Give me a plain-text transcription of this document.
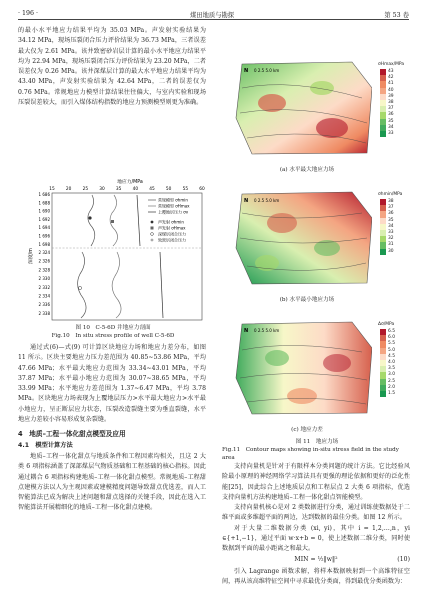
· 196 ·	煤田地质与勘探	第 53 卷

的最小水平地应力结果平均为 35.03 MPa。声发射实验结果为 34.12 MPa，现场压裂闭合压力评价结果为 36.73 MPa，三者误差最大仅为 2.61 MPa。该井致密砂岩层计算的最小水平地应力结果平均为 22.94 MPa，现场压裂闭合压力评价结果为 23.20 MPa，二者误差仅为 0.26 MPa。该井深煤层计算的最大水平地应力结果平均为 43.40 MPa，声发射实验结果为 42.64 MPa，二者的误差仅为 0.76 MPa。常规地应力模型计算结果往往偏大，与室内实验和现场压裂误差较大，而引入煤体结构指数的地应力预测模型则更为准确。

地应力/MPa
15	20	25	30	35	40	45	50	55	60
深度/m
1 686
1 688
1 690
1 692
1 694
1 696
1 698
2 324
2 326
2 328
2 330
2 332
2 334
2 336
2 338
常规模型 σhmin
常规模型 σHmax
上覆地层压力 σv
声发射 σhmin
声发射 σHmax
深煤层闭合压力
致密层闭合压力
图 10　C-5-6D 井地应力剖面
Fig.10　In situ stress profile of well C-5-6D

通过式(6)—式(9) 可计算区块地应力场和地应力差分布，如图 11 所示。区块主要地应力压力差范围为 40.85~53.86 MPa，平均 47.66 MPa；水平最大地应力范围为 33.34~43.01 MPa，平均 37.87 MPa；水平最小地应力范围为 30.07~38.65 MPa，平均 33.99 MPa；水平地应力差范围为 1.37~6.47 MPa，平均 3.78 MPa。区块地应力场表现为上覆地层压力>水平最大地应力>水平最小地应力，呈正断层应力状态，压裂改造裂缝主要为垂直裂缝，水平地应力差较小容易形成复杂裂缝。

4　地质–工程一体化甜点模型及应用
4.1　模型计算方法

地质–工程一体化甜点与地质条件和工程因素均相关，且这 2 大类 6 项指标涵盖了深部煤层气物质基础和工程基础的核心指标。因此通过耦合 6 项指标构建地质–工程一体化甜点模型。常规地质–工程甜点建模方法以人为主观因素或建模精度问题导致甜点优选差，而人工智能算法已成为解决上述问题和甜点选择的关键手段，因此在选入工智能算法开展精细化的地质–工程一体化甜点建模。

N 0 2.5 5.0 km
N 0 2.5 5.0 km
N 0 2.5 5.0 km
σHmax/MPa
43
42
41
40
39
38
37
36
35
34
33
σhmin/MPa
38
37
36
35
34
33
32
31
30
Δσ/MPa
6.5
6.0
5.5
5.0
4.5
4.0
3.5
3.0
2.5
2.0
1.5
(a) 水平最大地应力场
(b) 水平最小地应力场
(c) 地应力差
图 11　地应力场
Fig.11　Contour maps showing in-situ stress field in the study area

支持向量机是针对于有限样本分类问题的统计方法。它比经验风险最小原理的神经网络学习算法具有更强的理论依据和更好的泛化性能[25]，因此综合上述地质层点和工程层点 2 大类 6 项指标，优选支持向量机方法构建地质–工程一体化甜点智能模型。

支持向量机核心是对 2 类数据进行分类，通过训练使数据处于二维平面或多维超平面的两边，达到数据的最佳分类。如图 12 所示。

对于大量二维数据分类 (xi, yi)，其中 i = 1,2,…,n，yi ∈{+1,−1}，通过平面 w·x+b = 0，使上述数据二维分类，同时使数据到平面的最小距离之和最大。

MIN = ½‖w‖²	(10)

引入 Lagrange 函数求解，将样本数据映射到一个高维特征空间，再从该高维特征空间中寻求最优分类面，得到最优分类函数为：
